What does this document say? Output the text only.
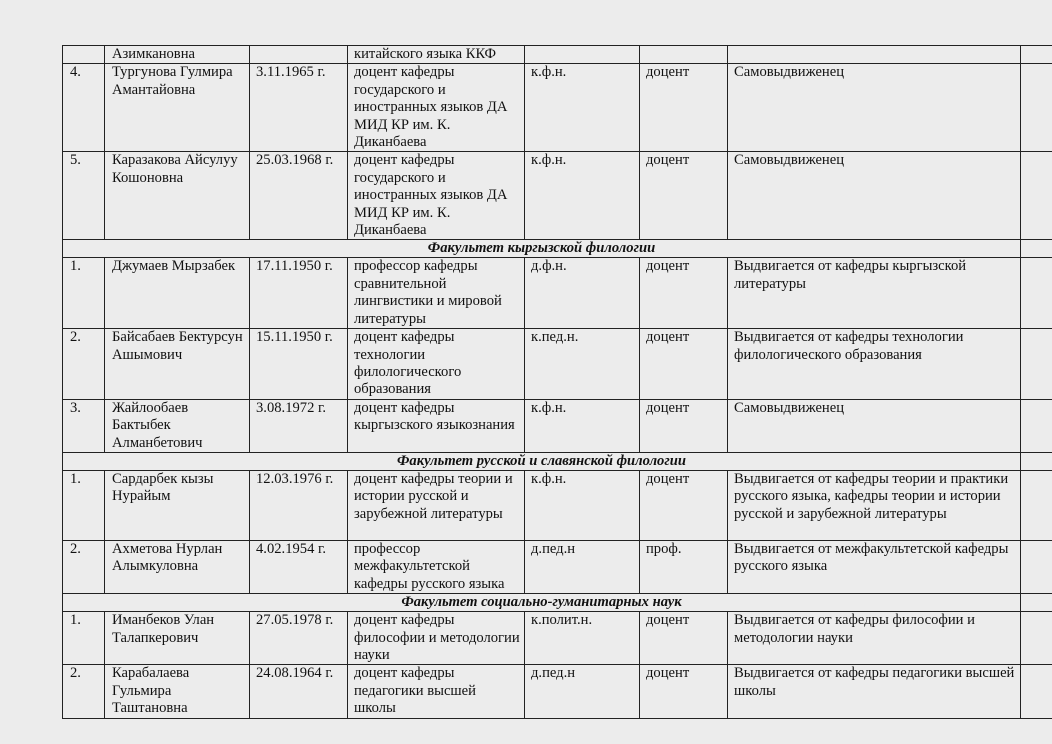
	Азимкановна		китайского языка ККФ				
4.	Тургунова Гулмира Амантайовна	3.11.1965 г.	доцент кафедры государского и иностранных языков ДА МИД КР им. К. Диканбаева	к.ф.н.	доцент	Самовыдвиженец	
5.	Каразакова Айсулуу Кошоновна	25.03.1968 г.	доцент кафедры государского и иностранных языков ДА МИД КР им. К. Диканбаева	к.ф.н.	доцент	Самовыдвиженец	
Факультет кыргызской филологии							
1.	Джумаев Мырзабек	17.11.1950 г.	профессор кафедры сравнительной лингвистики и мировой литературы	д.ф.н.	доцент	Выдвигается от кафедры кыргызской литературы	
2.	Байсабаев Бектурсун Ашымович	15.11.1950 г.	доцент кафедры технологии филологического образования	к.пед.н.	доцент	Выдвигается от кафедры технологии филологического образования	
3.	Жайлообаев Бактыбек Алманбетович	3.08.1972 г.	доцент кафедры кыргызского языкознания	к.ф.н.	доцент	Самовыдвиженец	
Факультет русской и славянской филологии							
1.	Сардарбек кызы Нурайым	12.03.1976 г.	доцент кафедры теории и истории русской и зарубежной литературы	к.ф.н.	доцент	Выдвигается от кафедры теории и практики русского языка, кафедры теории и истории русской и зарубежной литературы	
2.	Ахметова Нурлан Алымкуловна	4.02.1954 г.	профессор межфакультетской кафедры русского языка	д.пед.н	проф.	Выдвигается от межфакультетской кафедры русского языка	
Факультет социально-гуманитарных наук							
1.	Иманбеков Улан Талапкерович	27.05.1978 г.	доцент кафедры философии и методологии науки	к.полит.н.	доцент	Выдвигается от кафедры философии и методологии науки	
2.	Карабалаева Гульмира Таштановна	24.08.1964 г.	доцент кафедры педагогики высшей школы	д.пед.н	доцент	Выдвигается от кафедры педагогики высшей школы	
